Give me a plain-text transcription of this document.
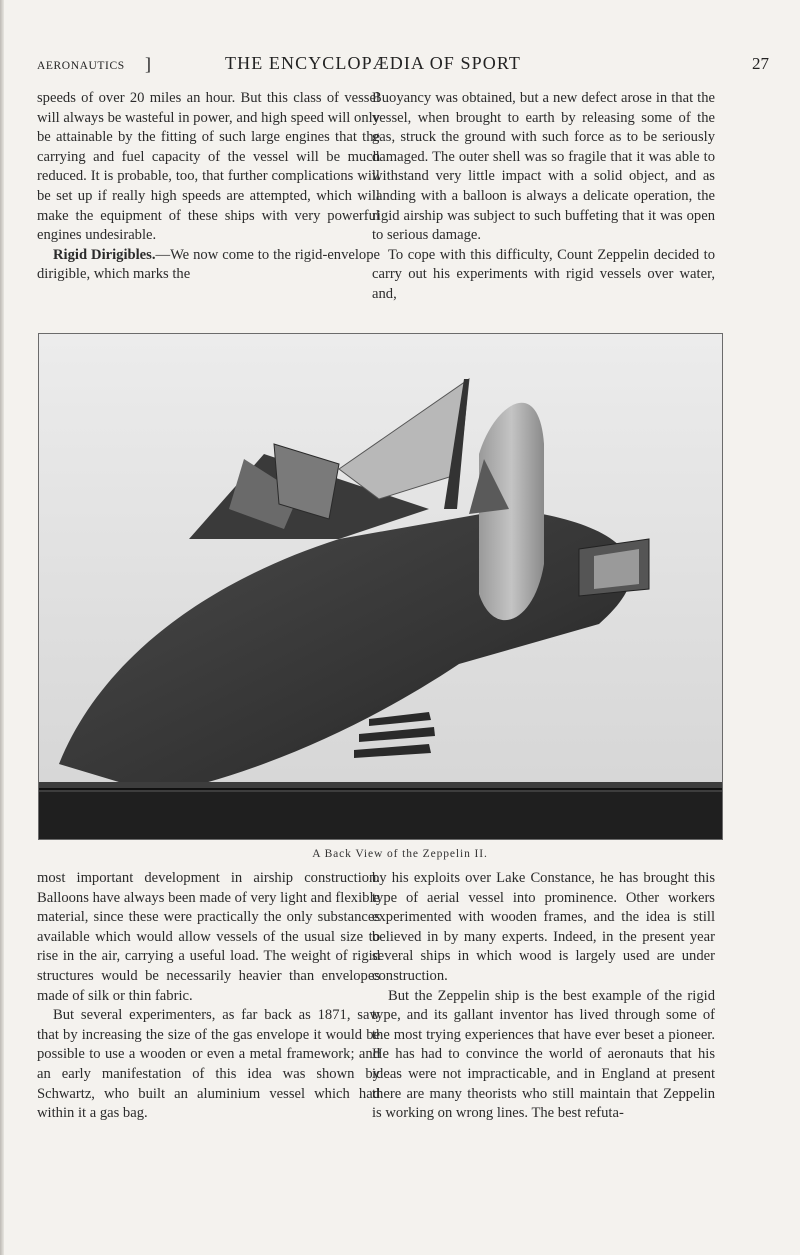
AERONAUTICS ]	THE ENCYCLOPÆDIA OF SPORT	27

speeds of over 20 miles an hour. But this class of vessel will always be wasteful in power, and high speed will only be attainable by the fitting of such large engines that the carrying and fuel capacity of the vessel will be much reduced. It is probable, too, that further complications will be set up if really high speeds are attempted, which will make the equipment of these ships with very powerful engines undesirable.

Rigid Dirigibles.—We now come to the rigid-envelope dirigible, which marks the

Buoyancy was obtained, but a new defect arose in that the vessel, when brought to earth by releasing some of the gas, struck the ground with such force as to be seriously damaged. The outer shell was so fragile that it was able to withstand very little impact with a solid object, and as landing with a balloon is always a delicate operation, the rigid airship was subject to such buffeting that it was open to serious damage.

To cope with this difficulty, Count Zeppelin decided to carry out his experiments with rigid vessels over water, and,

A Back View of the Zeppelin II.

most important development in airship construction. Balloons have always been made of very light and flexible material, since these were practically the only substances available which would allow vessels of the usual size to rise in the air, carrying a useful load. The weight of rigid structures would be necessarily heavier than envelopes made of silk or thin fabric.

But several experimenters, as far back as 1871, saw that by increasing the size of the gas envelope it would be possible to use a wooden or even a metal framework; and an early manifestation of this idea was shown by Schwartz, who built an aluminium vessel which had within it a gas bag.

by his exploits over Lake Constance, he has brought this type of aerial vessel into prominence. Other workers experimented with wooden frames, and the idea is still believed in by many experts. Indeed, in the present year several ships in which wood is largely used are under construction.

But the Zeppelin ship is the best example of the rigid type, and its gallant inventor has lived through some of the most trying experiences that have ever beset a pioneer. He has had to convince the world of aeronauts that his ideas were not impracticable, and in England at present there are many theorists who still maintain that Zeppelin is working on wrong lines. The best refuta-
